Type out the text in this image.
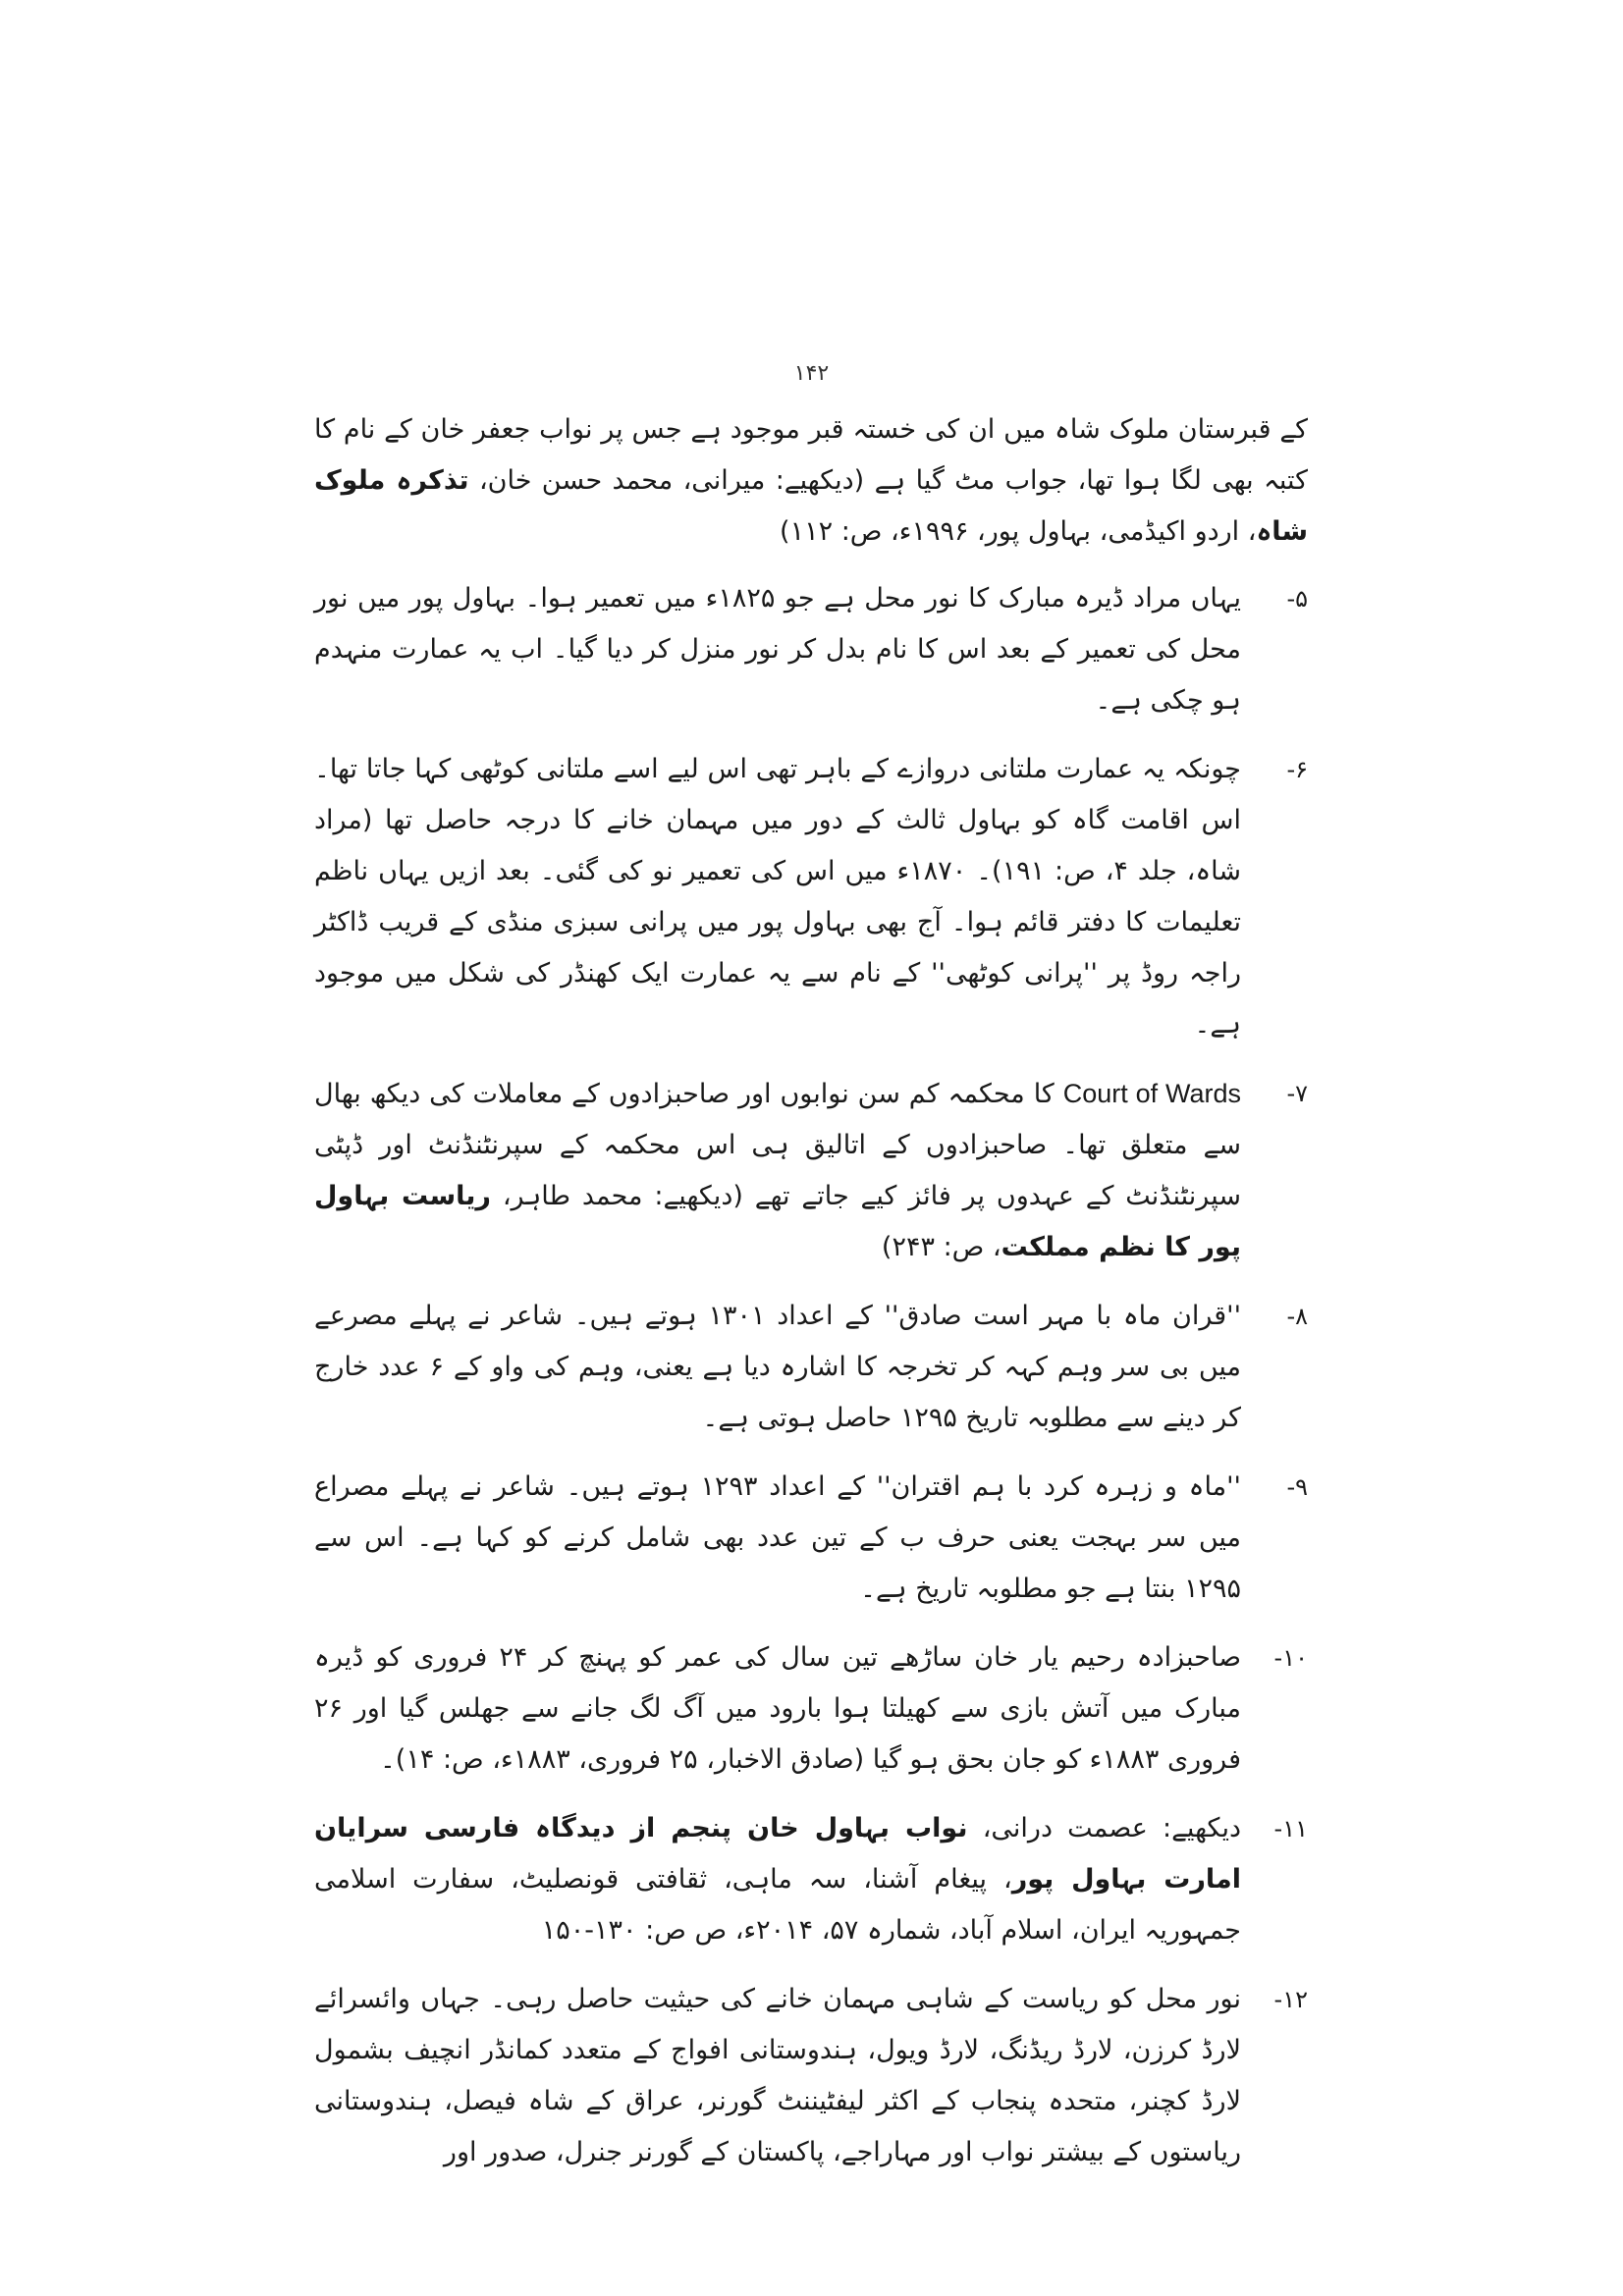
۱۴۲

کے قبرستان ملوک شاہ میں ان کی خستہ قبر موجود ہے جس پر نواب جعفر خان کے نام کا کتبہ بھی لگا ہوا تھا، جواب مٹ گیا ہے (دیکھیے: میرانی، محمد حسن خان، تذکرہ ملوک شاہ، اردو اکیڈمی، بہاول پور، ۱۹۹۶ء، ص: ۱۱۲)

۵-
یہاں مراد ڈیرہ مبارک کا نور محل ہے جو ۱۸۲۵ء میں تعمیر ہوا۔ بہاول پور میں نور محل کی تعمیر کے بعد اس کا نام بدل کر نور منزل کر دیا گیا۔ اب یہ عمارت منہدم ہو چکی ہے۔
۶-
چونکہ یہ عمارت ملتانی دروازے کے باہر تھی اس لیے اسے ملتانی کوٹھی کہا جاتا تھا۔ اس اقامت گاہ کو بہاول ثالث کے دور میں مہمان خانے کا درجہ حاصل تھا (مراد شاہ، جلد ۴، ص: ۱۹۱)۔ ۱۸۷۰ء میں اس کی تعمیر نو کی گئی۔ بعد ازیں یہاں ناظم تعلیمات کا دفتر قائم ہوا۔ آج بھی بہاول پور میں پرانی سبزی منڈی کے قریب ڈاکٹر راجہ روڈ پر ''پرانی کوٹھی'' کے نام سے یہ عمارت ایک کھنڈر کی شکل میں موجود ہے۔
۷-
Court of Wards کا محکمہ کم سن نوابوں اور صاحبزادوں کے معاملات کی دیکھ بھال سے متعلق تھا۔ صاحبزادوں کے اتالیق ہی اس محکمہ کے سپرنٹنڈنٹ اور ڈپٹی سپرنٹنڈنٹ کے عہدوں پر فائز کیے جاتے تھے (دیکھیے: محمد طاہر، ریاست بہاول پور کا نظم مملکت، ص: ۲۴۳)
۸-
''قران ماہ با مہر است صادق'' کے اعداد ۱۳۰۱ ہوتے ہیں۔ شاعر نے پہلے مصرعے میں بی سر وہم کہہ کر تخرجہ کا اشارہ دیا ہے یعنی، وہم کی واو کے ۶ عدد خارج کر دینے سے مطلوبہ تاریخ ۱۲۹۵ حاصل ہوتی ہے۔
۹-
''ماہ و زہرہ کرد با ہم اقتران'' کے اعداد ۱۲۹۳ ہوتے ہیں۔ شاعر نے پہلے مصراع میں سر بہجت یعنی حرف ب کے تین عدد بھی شامل کرنے کو کہا ہے۔ اس سے ۱۲۹۵ بنتا ہے جو مطلوبہ تاریخ ہے۔
۱۰-
صاحبزادہ رحیم یار خان ساڑھے تین سال کی عمر کو پہنچ کر ۲۴ فروری کو ڈیرہ مبارک میں آتش بازی سے کھیلتا ہوا بارود میں آگ لگ جانے سے جھلس گیا اور ۲۶ فروری ۱۸۸۳ء کو جان بحق ہو گیا (صادق الاخبار، ۲۵ فروری، ۱۸۸۳ء، ص: ۱۴)۔
۱۱-
دیکھیے: عصمت درانی، نواب بہاول خان پنجم از دیدگاہ فارسی سرایان امارت بہاول پور، پیغام آشنا، سہ ماہی، ثقافتی قونصلیٹ، سفارت اسلامی جمہوریہ ایران، اسلام آباد، شمارہ ۵۷، ۲۰۱۴ء، ص ص: ۱۳۰-۱۵۰
۱۲-
نور محل کو ریاست کے شاہی مہمان خانے کی حیثیت حاصل رہی۔ جہاں وائسرائے لارڈ کرزن، لارڈ ریڈنگ، لارڈ ویول، ہندوستانی افواج کے متعدد کمانڈر انچیف بشمول لارڈ کچنر، متحدہ پنجاب کے اکثر لیفٹیننٹ گورنر، عراق کے شاہ فیصل، ہندوستانی ریاستوں کے بیشتر نواب اور مہاراجے، پاکستان کے گورنر جنرل، صدور اور
